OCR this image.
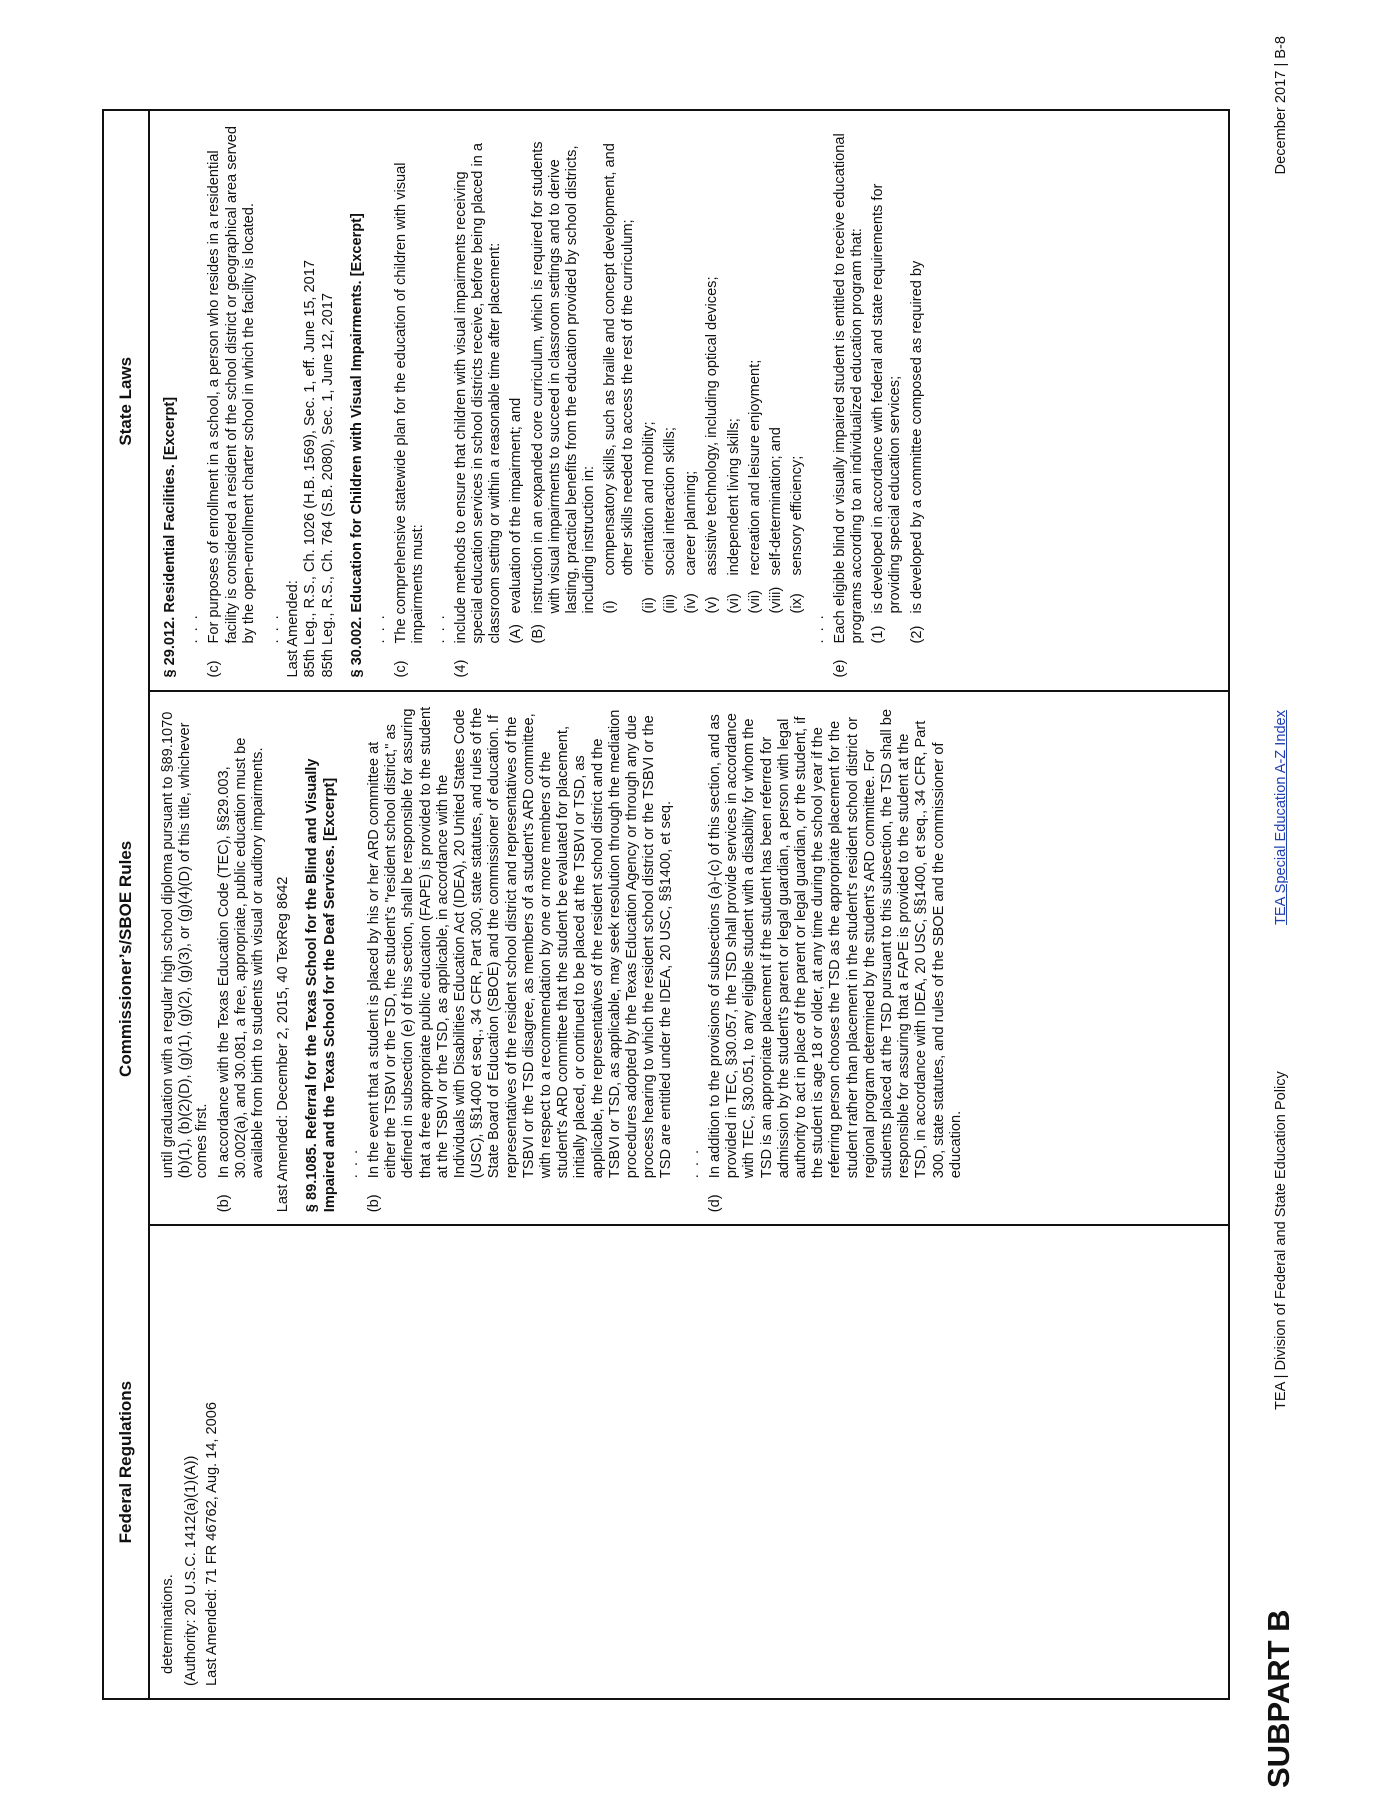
Federal Regulations
Commissioner’s/SBOE Rules
State Laws

determinations. (Authority: 20 U.S.C. 1412(a)(1)(A)) Last Amended: 71 FR 46762, Aug. 14, 2006

until graduation with a regular high school diploma pursuant to §89.1070 (b)(1), (b)(2)(D), (g)(1), (g)(2), (g)(3), or (g)(4)(D) of this title, whichever comes first.

(b)
In accordance with the Texas Education Code (TEC), §§29.003, 30.002(a), and 30.081, a free, appropriate, public education must be available from birth to students with visual or auditory impairments. Last Amended: December 2, 2015, 40 TexReg 8642 § 89.1085. Referral for the Texas School for the Blind and Visually Impaired and the Texas School for the Deaf Services. [Excerpt] . . .
(b)
In the event that a student is placed by his or her ARD committee at either the TSBVI or the TSD, the student’s "resident school district," as defined in subsection (e) of this section, shall be responsible for assuring that a free appropriate public education (FAPE) is provided to the student at the TSBVI or the TSD, as applicable, in accordance with the Individuals with Disabilities Education Act (IDEA), 20 United States Code (USC), §§1400 et seq., 34 CFR, Part 300, state statutes, and rules of the State Board of Education (SBOE) and the commissioner of education. If representatives of the resident school district and representatives of the TSBVI or the TSD disagree, as members of a student's ARD committee, with respect to a recommendation by one or more members of the student's ARD committee that the student be evaluated for placement, initially placed, or continued to be placed at the TSBVI or TSD, as applicable, the representatives of the resident school district and the TSBVI or TSD, as applicable, may seek resolution through the mediation procedures adopted by the Texas Education Agency or through any due process hearing to which the resident school district or the TSBVI or the TSD are entitled under the IDEA, 20 USC, §§1400, et seq. . . .
(d)
In addition to the provisions of subsections (a)-(c) of this section, and as provided in TEC, §30.057, the TSD shall provide services in accordance with TEC, §30.051, to any eligible student with a disability for whom the TSD is an appropriate placement if the student has been referred for admission by the student's parent or legal guardian, a person with legal authority to act in place of the parent or legal guardian, or the student, if the student is age 18 or older, at any time during the school year if the referring person chooses the TSD as the appropriate placement for the student rather than placement in the student's resident school district or regional program determined by the student's ARD committee. For students placed at the TSD pursuant to this subsection, the TSD shall be responsible for assuring that a FAPE is provided to the student at the TSD, in accordance with IDEA, 20 USC, §§1400, et seq., 34 CFR, Part 300, state statutes, and rules of the SBOE and the commissioner of education.
§ 29.012. Residential Facilities. [Excerpt] . . .
(c)
For purposes of enrollment in a school, a person who resides in a residential facility is considered a resident of the school district or geographical area served by the open-enrollment charter school in which the facility is located. . . . Last Amended: 85th Leg., R.S., Ch. 1026 (H.B. 1569), Sec. 1, eff. June 15, 2017 85th Leg., R.S., Ch. 764 (S.B. 2080), Sec. 1, June 12, 2017 § 30.002. Education for Children with Visual Impairments. [Excerpt] . . .
(c)
The comprehensive statewide plan for the education of children with visual impairments must: . . .
(4)
include methods to ensure that children with visual impairments receiving special education services in school districts receive, before being placed in a classroom setting or within a reasonable time after placement: (A)
evaluation of the impairment; and
(B)
instruction in an expanded core curriculum, which is required for students with visual impairments to succeed in classroom settings and to derive lasting, practical benefits from the education provided by school districts, including instruction in: (i)
compensatory skills, such as braille and concept development, and other skills needed to access the rest of the curriculum;
(ii)
orientation and mobility;
(iii)
social interaction skills;
(iv)
career planning;
(v)
assistive technology, including optical devices;
(vi)
independent living skills;
(vii)
recreation and leisure enjoyment;
(viii)
self-determination; and
(ix)
sensory efficiency;
. . .
(e)
Each eligible blind or visually impaired student is entitled to receive educational programs according to an individualized education program that: (1)
is developed in accordance with federal and state requirements for providing special education services;
(2)
is developed by a committee composed as required by
SUBPART B
TEA | Division of Federal and State Education Policy
TEA Special Education A-Z Index
December 2017 | B-8
